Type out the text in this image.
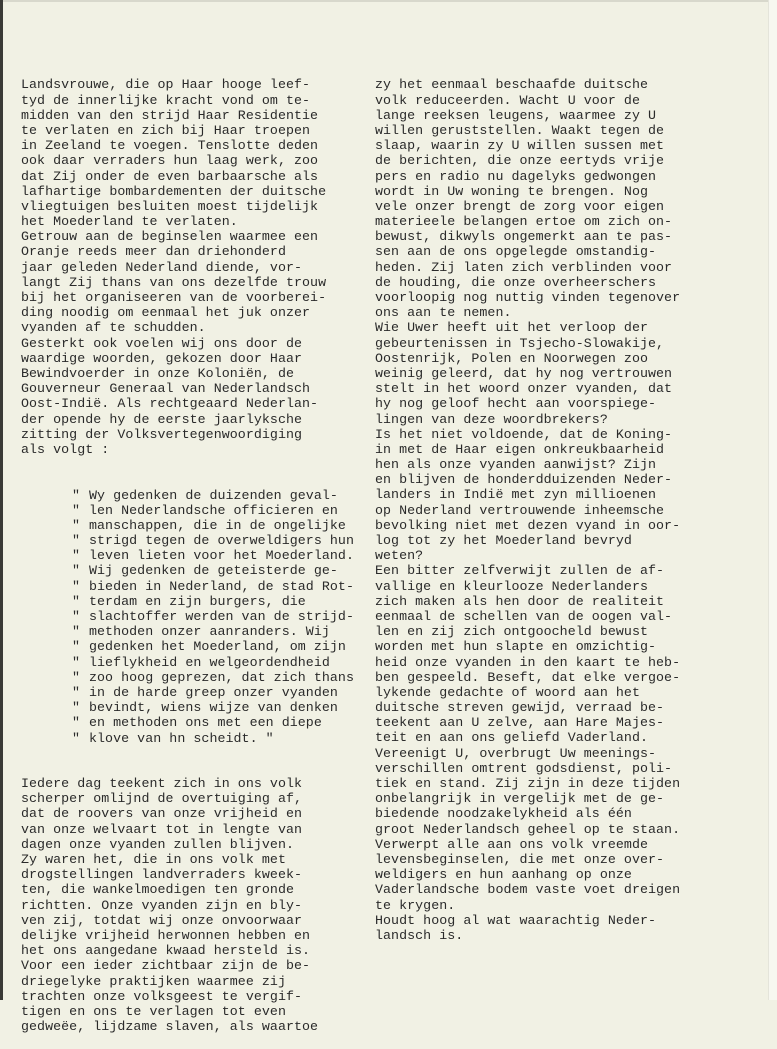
Landsvrouwe, die op Haar hooge leef-
tyd de innerlijke kracht vond om te-
midden van den strijd Haar Residentie
te verlaten en zich bij Haar troepen
in Zeeland te voegen. Tenslotte deden
ook daar verraders hun laag werk, zoo
dat Zij onder de even barbaarsche als
lafhartige bombardementen der duitsche
vliegtuigen besluiten moest tijdelijk
het Moederland te verlaten.
Getrouw aan de beginselen waarmee een
Oranje reeds meer dan driehonderd
jaar geleden Nederland diende, vor-
langt Zij thans van ons dezelfde trouw
bij het organiseeren van de voorberei-
ding noodig om eenmaal het juk onzer
vyanden af te schudden.
Gesterkt ook voelen wij ons door de
waardige woorden, gekozen door Haar
Bewindvoerder in onze Koloniën, de
Gouverneur Generaal van Nederlandsch
Oost-Indië. Als rechtgeaard Nederlan-
der opende hy de eerste jaarlyksche
zitting der Volksvertegenwoordiging
als volgt :

" Wy gedenken de duizenden geval-
" len Nederlandsche officieren en
" manschappen, die in de ongelijke
" strigd tegen de overweldigers hun
" leven lieten voor het Moederland.
" Wij gedenken de geteisterde ge-
" bieden in Nederland, de stad Rot-
" terdam en zijn burgers, die
" slachtoffer werden van de strijd-
" methoden onzer aanranders. Wij
" gedenken het Moederland, om zijn
" lieflykheid en welgeordendheid
" zoo hoog geprezen, dat zich thans
" in de harde greep onzer vyanden
" bevindt, wiens wijze van denken
" en methoden ons met een diepe
" klove van hn scheidt. "

Iedere dag teekent zich in ons volk
scherper omlijnd de overtuiging af,
dat de roovers van onze vrijheid en
van onze welvaart tot in lengte van
dagen onze vyanden zullen blijven.
Zy waren het, die in ons volk met
drogstellingen landverraders kweek-
ten, die wankelmoedigen ten gronde
richtten. Onze vyanden zijn en bly-
ven zij, totdat wij onze onvoorwaar
delijke vrijheid herwonnen hebben en
het ons aangedane kwaad hersteld is.
Voor een ieder zichtbaar zijn de be-
driegelyke praktijken waarmee zij
trachten onze volksgeest te vergif-
tigen en ons te verlagen tot even
gedweëe, lijdzame slaven, als waartoe

zy het eenmaal beschaafde duitsche
volk reduceerden. Wacht U voor de
lange reeksen leugens, waarmee zy U
willen geruststellen. Waakt tegen de
slaap, waarin zy U willen sussen met
de berichten, die onze eertyds vrije
pers en radio nu dagelyks gedwongen
wordt in Uw woning te brengen. Nog
vele onzer brengt de zorg voor eigen
materieele belangen ertoe om zich on-
bewust, dikwyls ongemerkt aan te pas-
sen aan de ons opgelegde omstandig-
heden. Zij laten zich verblinden voor
de houding, die onze overheerschers
voorloopig nog nuttig vinden tegenover
ons aan te nemen.
Wie Uwer heeft uit het verloop der
gebeurtenissen in Tsjecho-Slowakije,
Oostenrijk, Polen en Noorwegen zoo
weinig geleerd, dat hy nog vertrouwen
stelt in het woord onzer vyanden, dat
hy nog geloof hecht aan voorspiege-
lingen van deze woordbrekers?
Is het niet voldoende, dat de Koning-
in met de Haar eigen onkreukbaarheid
hen als onze vyanden aanwijst? Zijn
en blijven de honderdduizenden Neder-
landers in Indië met zyn millioenen
op Nederland vertrouwende inheemsche
bevolking niet met dezen vyand in oor-
log tot zy het Moederland bevryd
weten?
Een bitter zelfverwijt zullen de af-
vallige en kleurlooze Nederlanders
zich maken als hen door de realiteit
eenmaal de schellen van de oogen val-
len en zij zich ontgoocheld bewust
worden met hun slapte en omzichtig-
heid onze vyanden in den kaart te heb-
ben gespeeld. Beseft, dat elke vergoe-
lykende gedachte of woord aan het
duitsche streven gewijd, verraad be-
teekent aan U zelve, aan Hare Majes-
teit en aan ons geliefd Vaderland.
Vereenigt U, overbrugt Uw meenings-
verschillen omtrent godsdienst, poli-
tiek en stand. Zij zijn in deze tijden
onbelangrijk in vergelijk met de ge-
biedende noodzakelykheid als één
groot Nederlandsch geheel op te staan.
Verwerpt alle aan ons volk vreemde
levensbeginselen, die met onze over-
weldigers en hun aanhang op onze
Vaderlandsche bodem vaste voet dreigen
te krygen.
Houdt hoog al wat waarachtig Neder-
landsch is.
